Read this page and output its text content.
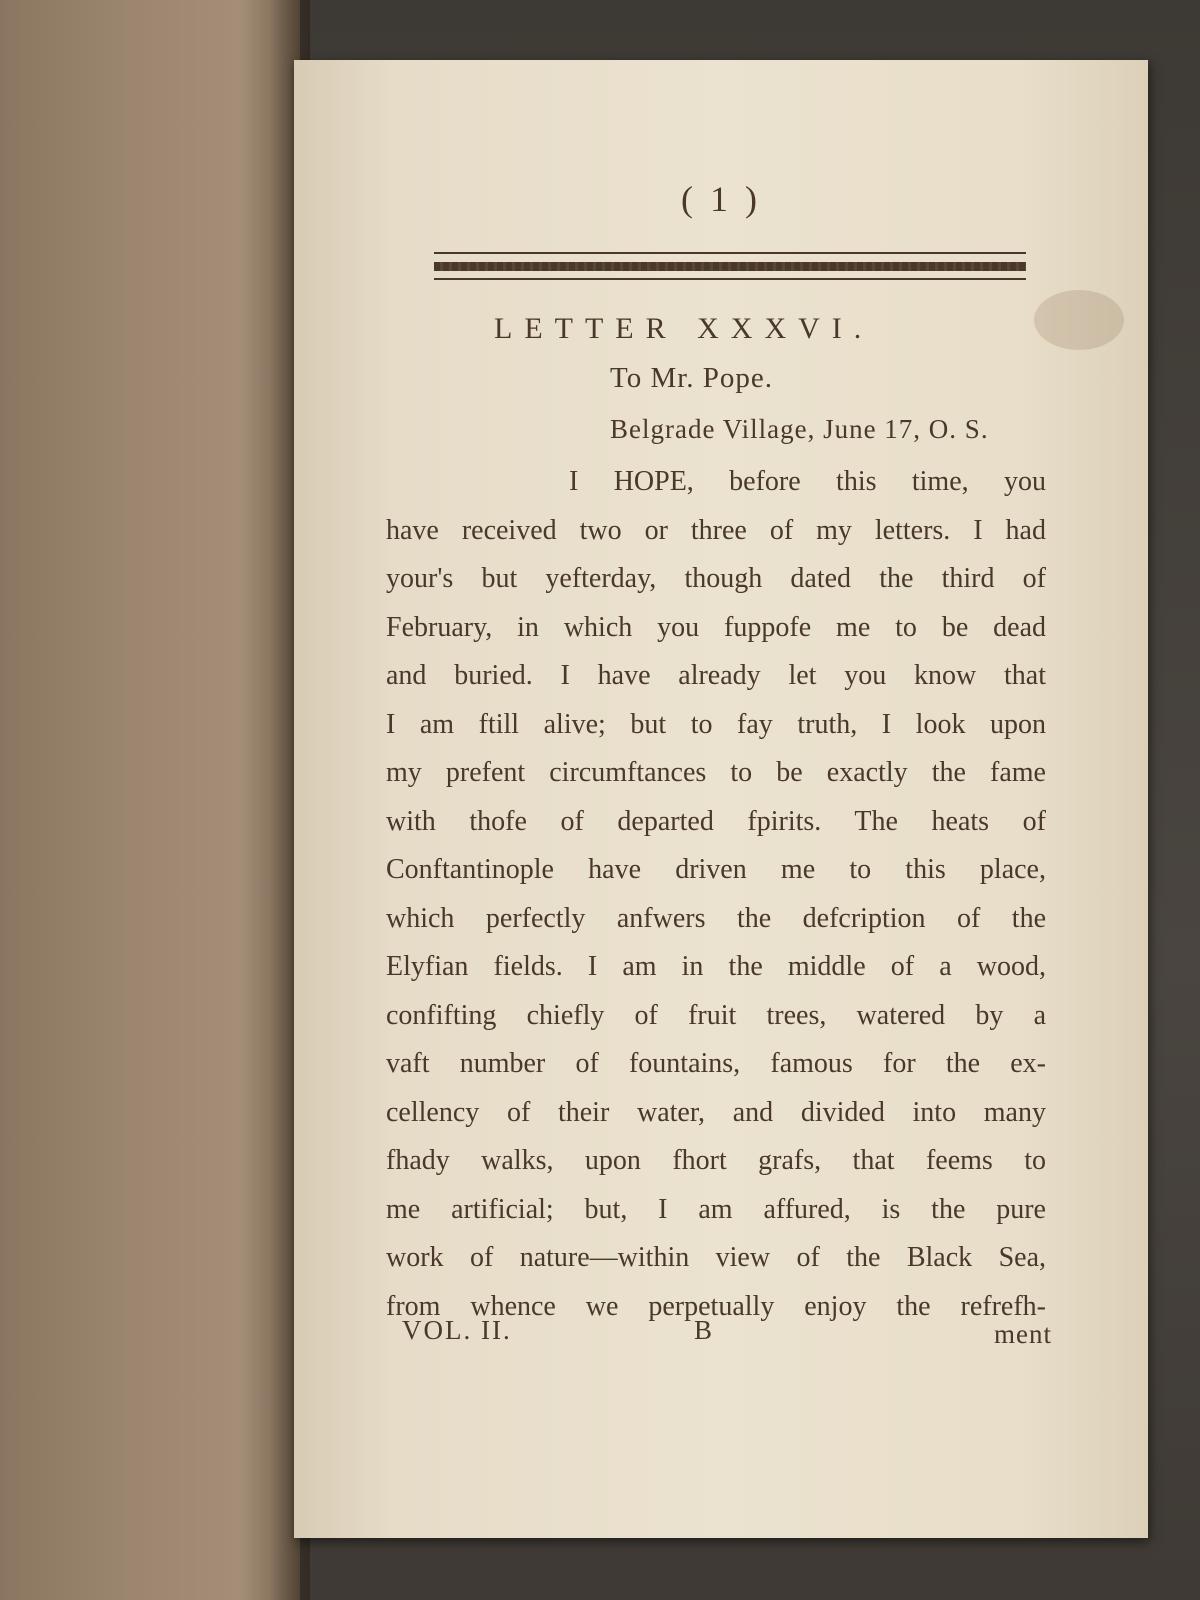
( 1 )
LETTER XXXVI.
To Mr. Pope.
Belgrade Village, June 17, O. S.
I HOPE, before this time, you
have received two or three of my letters. I had
your's but yefterday, though dated the third of
February, in which you fuppofe me to be dead
and buried. I have already let you know that
I am ftill alive; but to fay truth, I look upon
my prefent circumftances to be exactly the fame
with thofe of departed fpirits. The heats of
Conftantinople have driven me to this place,
which perfectly anfwers the defcription of the
Elyfian fields. I am in the middle of a wood,
confifting chiefly of fruit trees, watered by a
vaft number of fountains, famous for the ex-
cellency of their water, and divided into many
fhady walks, upon fhort grafs, that feems to
me artificial; but, I am affured, is the pure
work of nature—within view of the Black Sea,
from whence we perpetually enjoy the refrefh-
VOL. II.	B	ment
